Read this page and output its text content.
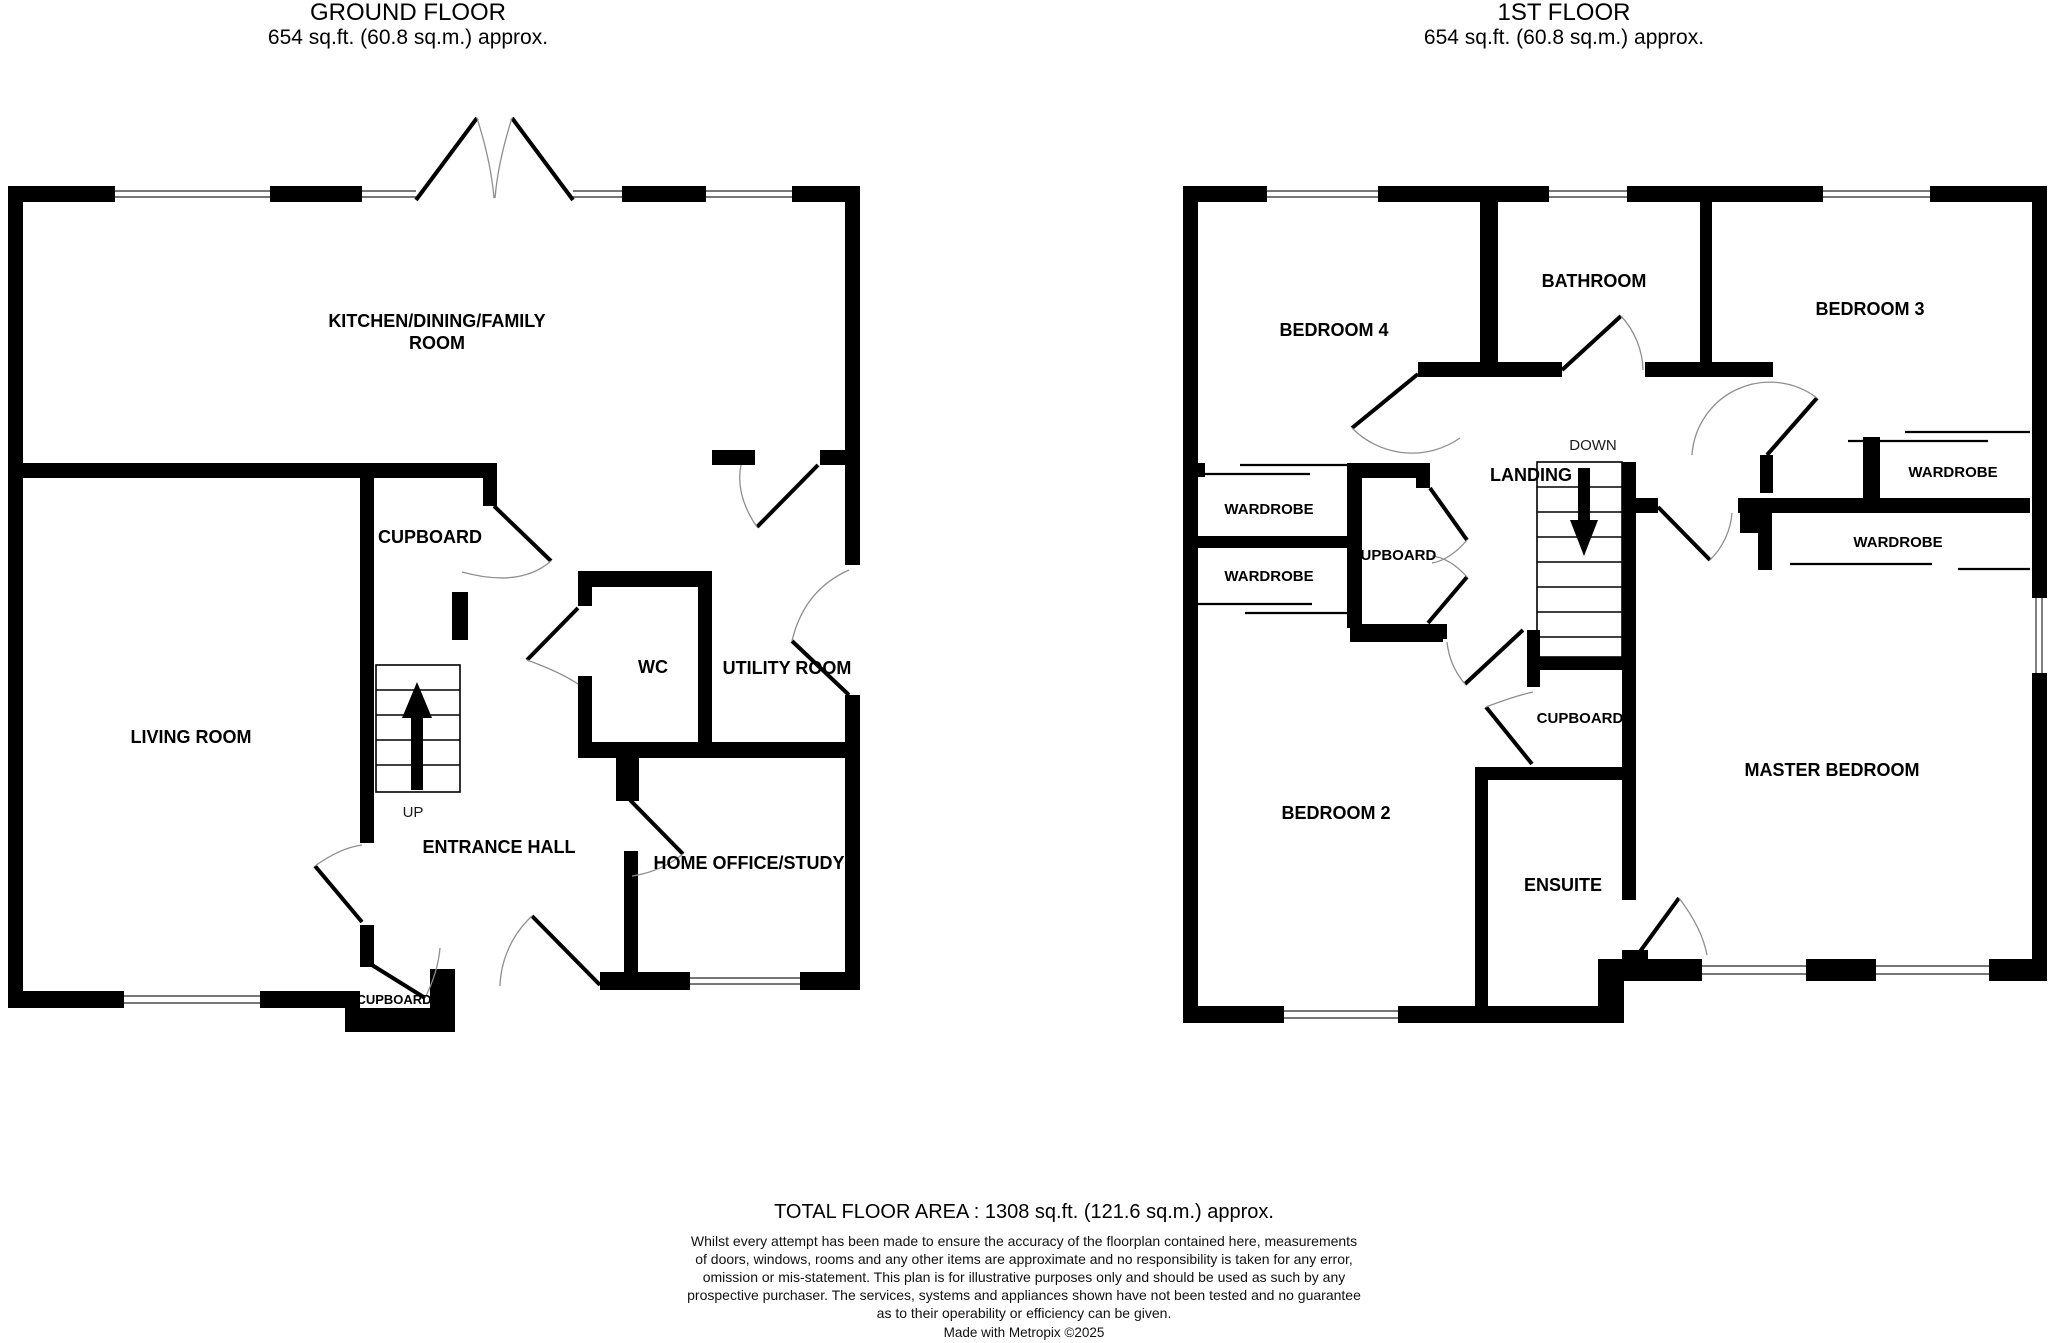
GROUND FLOOR
654 sq.ft. (60.8 sq.m.) approx.
KITCHEN/DINING/FAMILY
ROOM
CUPBOARD
LIVING ROOM
WC	UTILITY ROOM
UP
ENTRANCE HALL
HOME OFFICE/STUDY
CUPBOARD
1ST FLOOR
654 sq.ft. (60.8 sq.m.) approx.
BEDROOM 4
BATHROOM
BEDROOM 3
WARDROBE
WARDROBE
CUPBOARD
LANDING
DOWN
WARDROBE
WARDROBE
BEDROOM 2
CUPBOARD
ENSUITE
MASTER BEDROOM
TOTAL FLOOR AREA : 1308 sq.ft. (121.6 sq.m.) approx.
Whilst every attempt has been made to ensure the accuracy of the floorplan contained here, measurements
of doors, windows, rooms and any other items are approximate and no responsibility is taken for any error,
omission or mis-statement. This plan is for illustrative purposes only and should be used as such by any
prospective purchaser. The services, systems and appliances shown have not been tested and no guarantee
as to their operability or efficiency can be given.
Made with Metropix ©2025
